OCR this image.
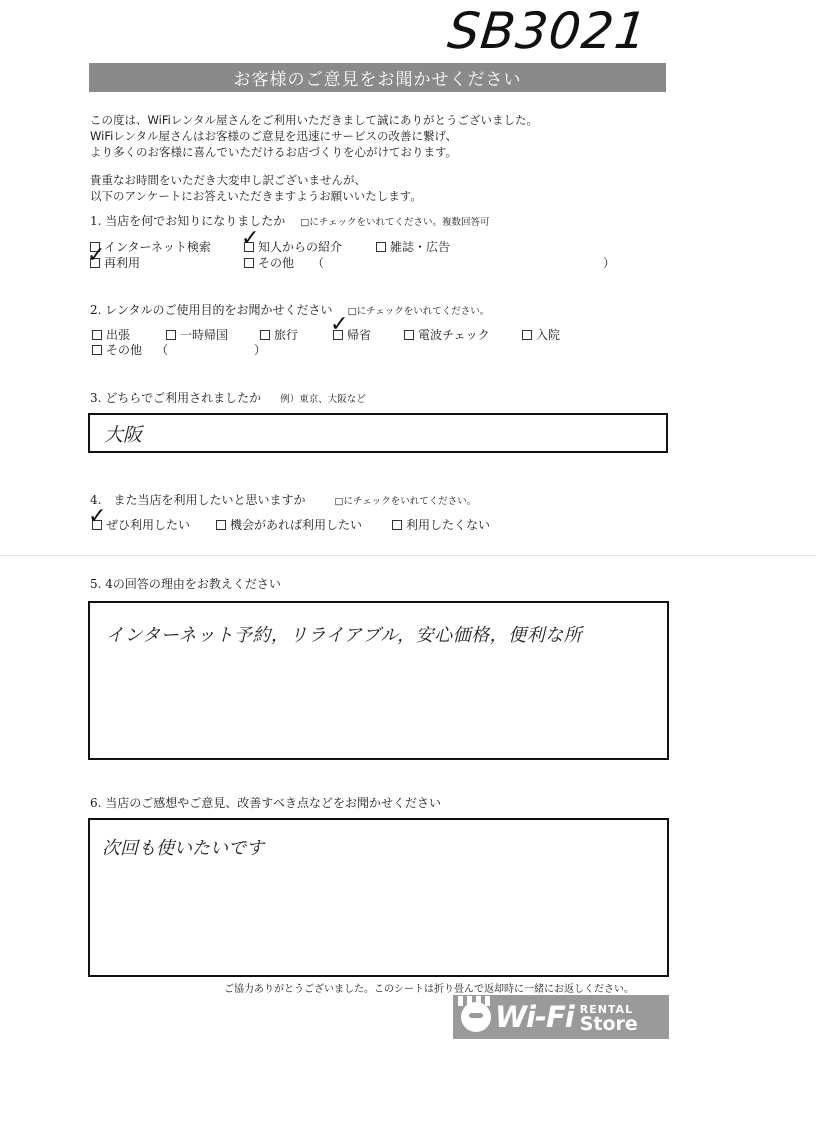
SB3021
お客様のご意見をお聞かせください

この度は、WiFiレンタル屋さんをご利用いただきまして誠にありがとうございました。

WiFiレンタル屋さんはお客様のご意見を迅速にサービスの改善に繋げ、

より多くのお客様に喜んでいただけるお店づくりを心がけております。

貴重なお時間をいただき大変申し訳ございませんが、

以下のアンケートにお答えいただきますようお願いいたします。

1. 当店を何でお知りになりましたか □にチェックをいれてください。複数回答可
インターネット検索	知人からの紹介	雑誌・広告
再利用	その他 （	）
✓
✓
2. レンタルのご使用目的をお聞かせください □にチェックをいれてください。
出張	一時帰国	旅行	帰省	電波チェック	入院
その他 （	）
✓
3. どちらでご利用されましたか 例）東京、大阪など
大阪
4.　また当店を利用したいと思いますか	□にチェックをいれてください。
ぜひ利用したい	機会があれば利用したい	利用したくない
✓
5. 4の回答の理由をお教えください
インターネット予約，リライアブル，安心価格，便利な所
6. 当店のご感想やご意見、改善すべき点などをお聞かせください
次回も使いたいです
ご協力ありがとうございました。このシートは折り畳んで返却時に一緒にお返しください。
Wi-Fi RENTAL
Store
